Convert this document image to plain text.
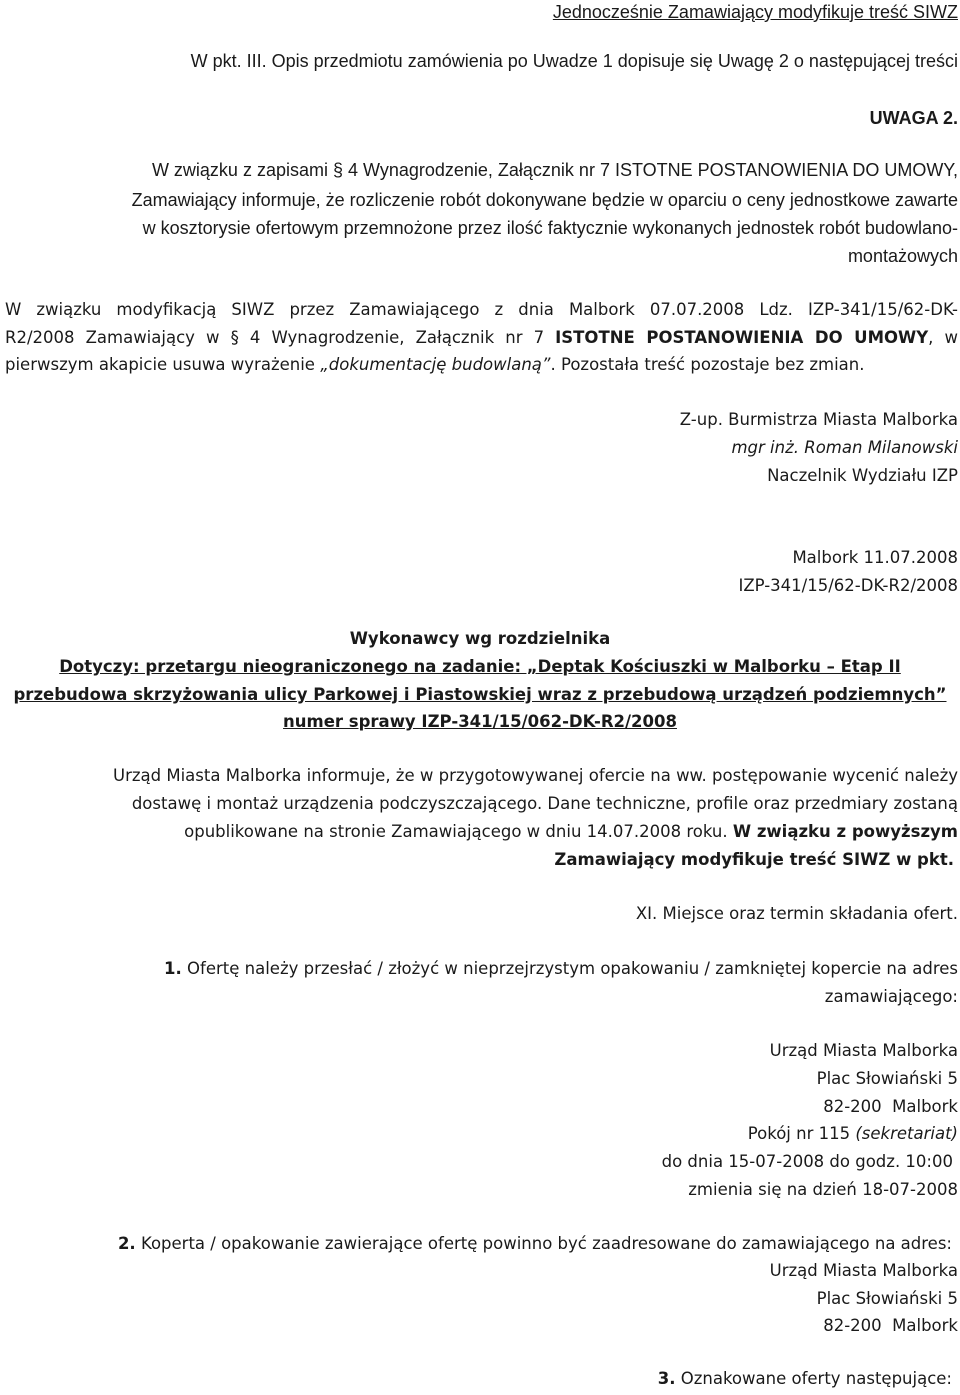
Jednocześnie Zamawiający modyfikuje treść SIWZ
W pkt. III. Opis przedmiotu zamówienia po Uwadze 1 dopisuje się Uwagę 2 o następującej treści
UWAGA 2.
W związku z zapisami § 4 Wynagrodzenie, Załącznik nr 7 ISTOTNE POSTANOWIENIA DO UMOWY,
Zamawiający informuje, że rozliczenie robót dokonywane będzie w oparciu o ceny jednostkowe zawarte
w kosztorysie ofertowym przemnożone przez ilość faktycznie wykonanych jednostek robót budowlano-
montażowych
W związku modyfikacją SIWZ przez Zamawiającego z dnia Malbork 07.07.2008 Ldz. IZP-341/15/62-DK-
R2/2008 Zamawiający w § 4 Wynagrodzenie, Załącznik nr 7 ISTOTNE POSTANOWIENIA DO UMOWY, w
pierwszym akapicie usuwa wyrażenie „dokumentację budowlaną”. Pozostała treść pozostaje bez zmian.
Z-up. Burmistrza Miasta Malborka
mgr inż. Roman Milanowski
Naczelnik Wydziału IZP
Malbork 11.07.2008
IZP-341/15/62-DK-R2/2008
Wykonawcy wg rozdzielnika
Dotyczy: przetargu nieograniczonego na zadanie: „Deptak Kościuszki w Malborku – Etap II
przebudowa skrzyżowania ulicy Parkowej i Piastowskiej wraz z przebudową urządzeń podziemnych”
numer sprawy IZP-341/15/062-DK-R2/2008
Urząd Miasta Malborka informuje, że w przygotowywanej ofercie na ww. postępowanie wycenić należy
dostawę i montaż urządzenia podczyszczającego. Dane techniczne, profile oraz przedmiary zostaną
opublikowane na stronie Zamawiającego w dniu 14.07.2008 roku. W związku z powyższym
Zamawiający modyfikuje treść SIWZ w pkt.
XI. Miejsce oraz termin składania ofert.
1. Ofertę należy przesłać / złożyć w nieprzejrzystym opakowaniu / zamkniętej kopercie na adres
zamawiającego:
Urząd Miasta Malborka
Plac Słowiański 5
82-200  Malbork
Pokój nr 115 (sekretariat)
do dnia 15-07-2008 do godz. 10:00
zmienia się na dzień 18-07-2008
2. Koperta / opakowanie zawierające ofertę powinno być zaadresowane do zamawiającego na adres:
Urząd Miasta Malborka
Plac Słowiański 5
82-200  Malbork
3. Oznakowane oferty następujące:
